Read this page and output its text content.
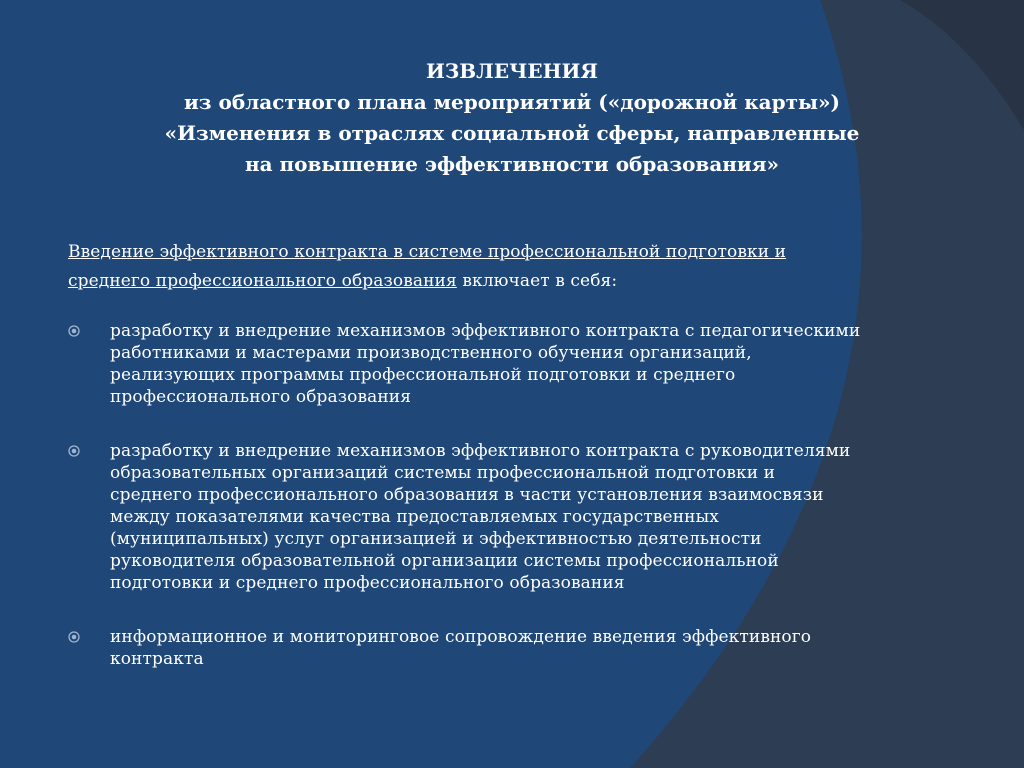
ИЗВЛЕЧЕНИЯ
из областного плана мероприятий («дорожной карты»)
«Изменения в отраслях социальной сферы, направленные
на повышение эффективности образования»
Введение эффективного контракта в системе профессиональной подготовки и
среднего профессионального образования включает в себя:
разработку и внедрение механизмов эффективного контракта с педагогическими
работниками и мастерами производственного обучения организаций,
реализующих программы профессиональной подготовки и среднего
профессионального образования
разработку и внедрение механизмов эффективного контракта с руководителями
образовательных организаций системы профессиональной подготовки и
среднего профессионального образования в части установления взаимосвязи
между показателями качества предоставляемых государственных
(муниципальных) услуг организацией и эффективностью деятельности
руководителя образовательной организации системы профессиональной
подготовки и среднего профессионального образования
информационное и мониторинговое сопровождение введения эффективного
контракта
